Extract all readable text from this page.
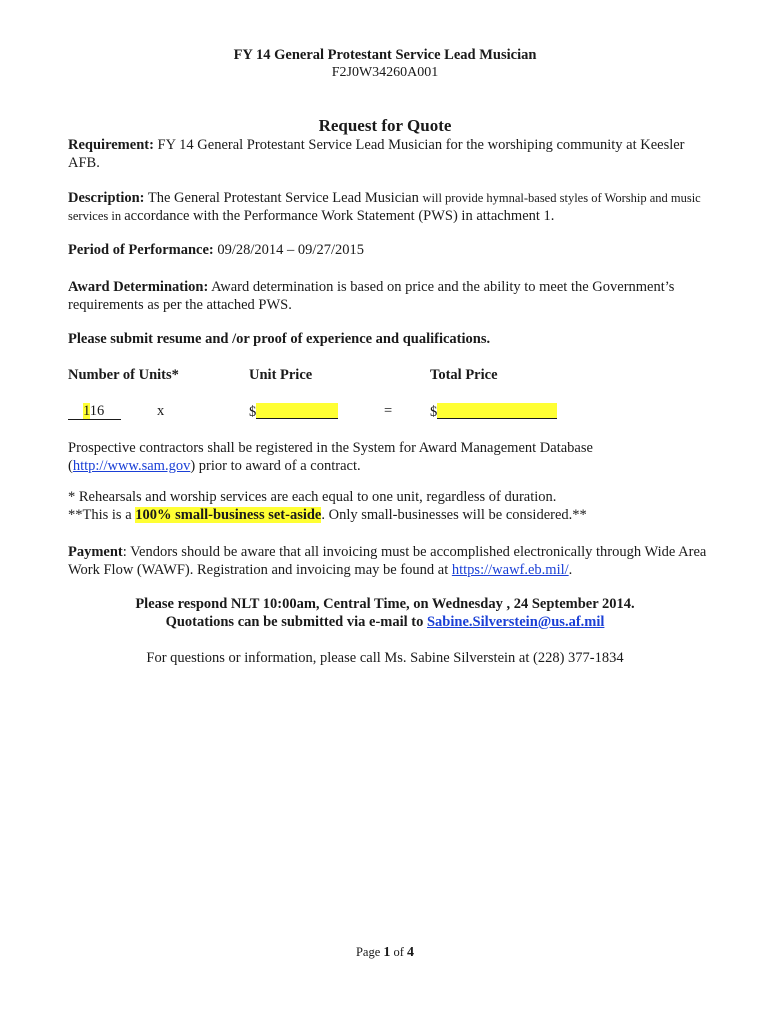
FY 14 General Protestant Service Lead Musician
F2J0W34260A001
Request for Quote
Requirement: FY 14 General Protestant Service Lead Musician for the worshiping community at Keesler AFB.
Description: The General Protestant Service Lead Musician will provide hymnal-based styles of Worship and music services in accordance with the Performance Work Statement (PWS) in attachment 1.
Period of Performance: 09/28/2014 – 09/27/2015
Award Determination: Award determination is based on price and the ability to meet the Government’s requirements as per the attached PWS.
Please submit resume and /or proof of experience and qualifications.
Number of Units*	Unit Price	Total Price
116	x	$	=	$
Prospective contractors shall be registered in the System for Award Management Database (http://www.sam.gov) prior to award of a contract.
* Rehearsals and worship services are each equal to one unit, regardless of duration.
**This is a 100% small-business set-aside. Only small-businesses will be considered.**
Payment: Vendors should be aware that all invoicing must be accomplished electronically through Wide Area Work Flow (WAWF). Registration and invoicing may be found at https://wawf.eb.mil/.
Please respond NLT 10:00am, Central Time, on Wednesday , 24 September 2014.
Quotations can be submitted via e-mail to Sabine.Silverstein@us.af.mil
For questions or information, please call Ms. Sabine Silverstein at (228) 377-1834
Page 1 of 4
